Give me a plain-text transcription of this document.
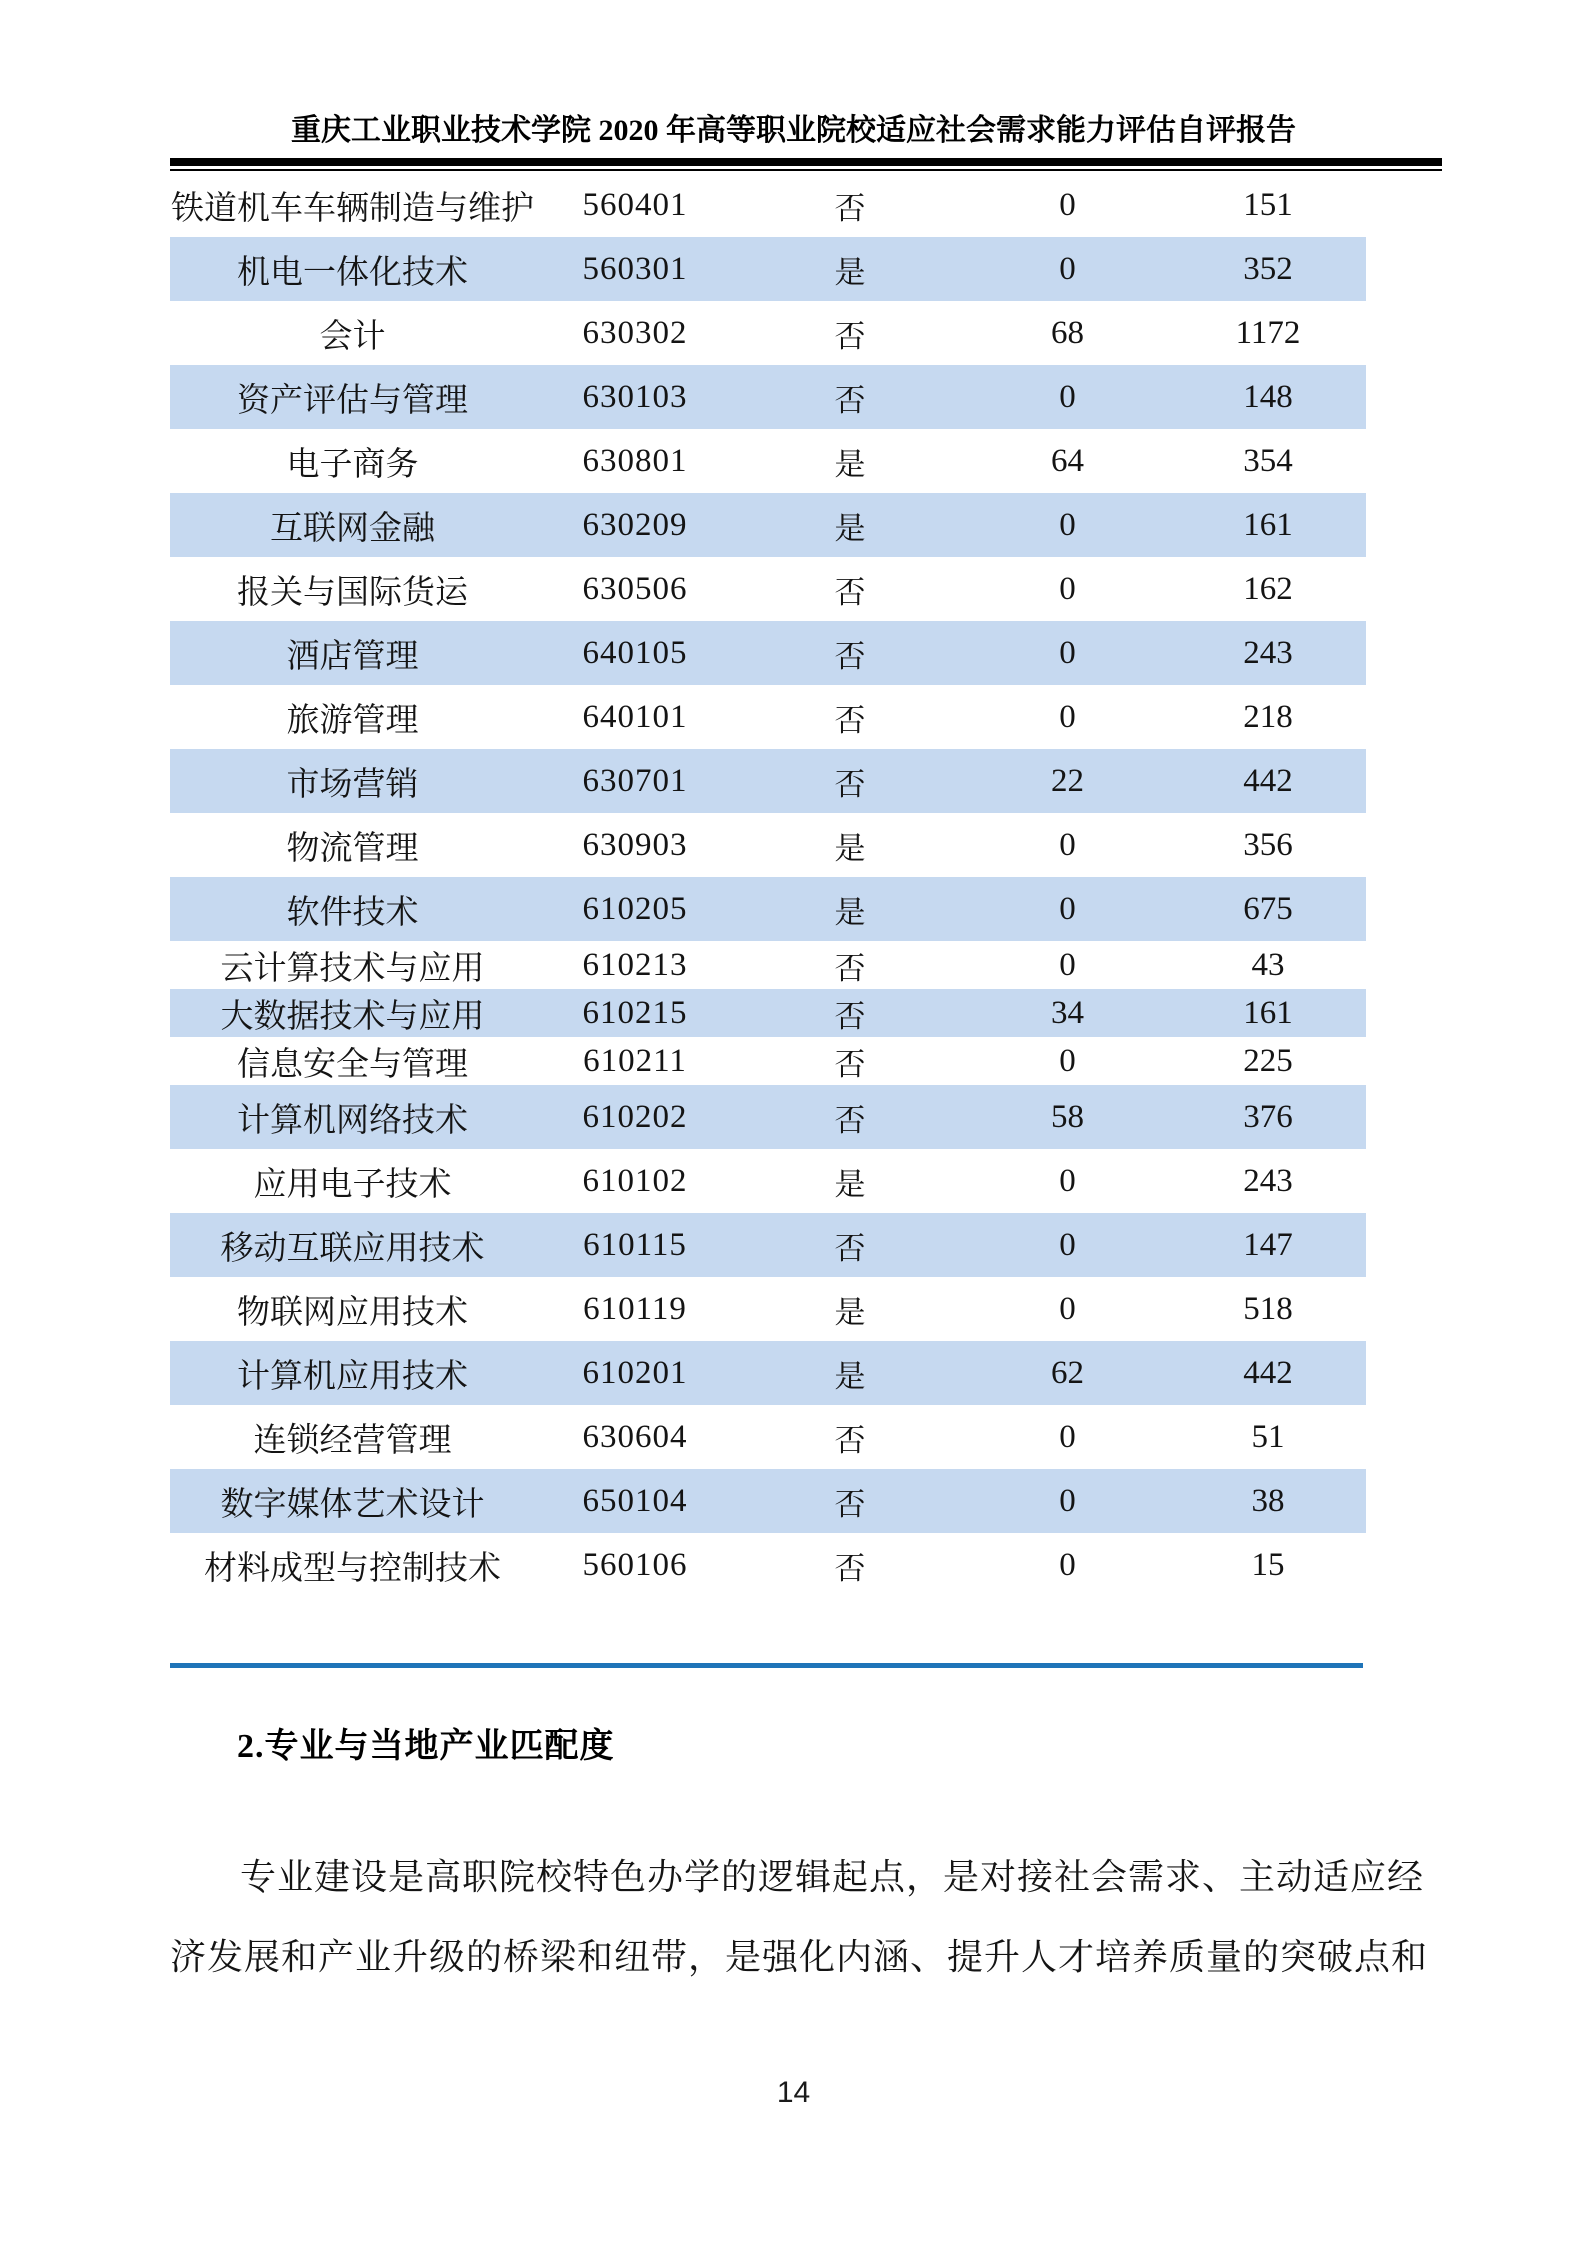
重庆工业职业技术学院 2020 年高等职业院校适应社会需求能力评估自评报告
铁道机车车辆制造与维护	560401	否	0	151
机电一体化技术	560301	是	0	352
会计	630302	否	68	1172
资产评估与管理	630103	否	0	148
电子商务	630801	是	64	354
互联网金融	630209	是	0	161
报关与国际货运	630506	否	0	162
酒店管理	640105	否	0	243
旅游管理	640101	否	0	218
市场营销	630701	否	22	442
物流管理	630903	是	0	356
软件技术	610205	是	0	675
云计算技术与应用	610213	否	0	43
大数据技术与应用	610215	否	34	161
信息安全与管理	610211	否	0	225
计算机网络技术	610202	否	58	376
应用电子技术	610102	是	0	243
移动互联应用技术	610115	否	0	147
物联网应用技术	610119	是	0	518
计算机应用技术	610201	是	62	442
连锁经营管理	630604	否	0	51
数字媒体艺术设计	650104	否	0	38
材料成型与控制技术	560106	否	0	15
2.专业与当地产业匹配度
专业建设是高职院校特色办学的逻辑起点，是对接社会需求、主动适应经
济发展和产业升级的桥梁和纽带，是强化内涵、提升人才培养质量的突破点和
14
